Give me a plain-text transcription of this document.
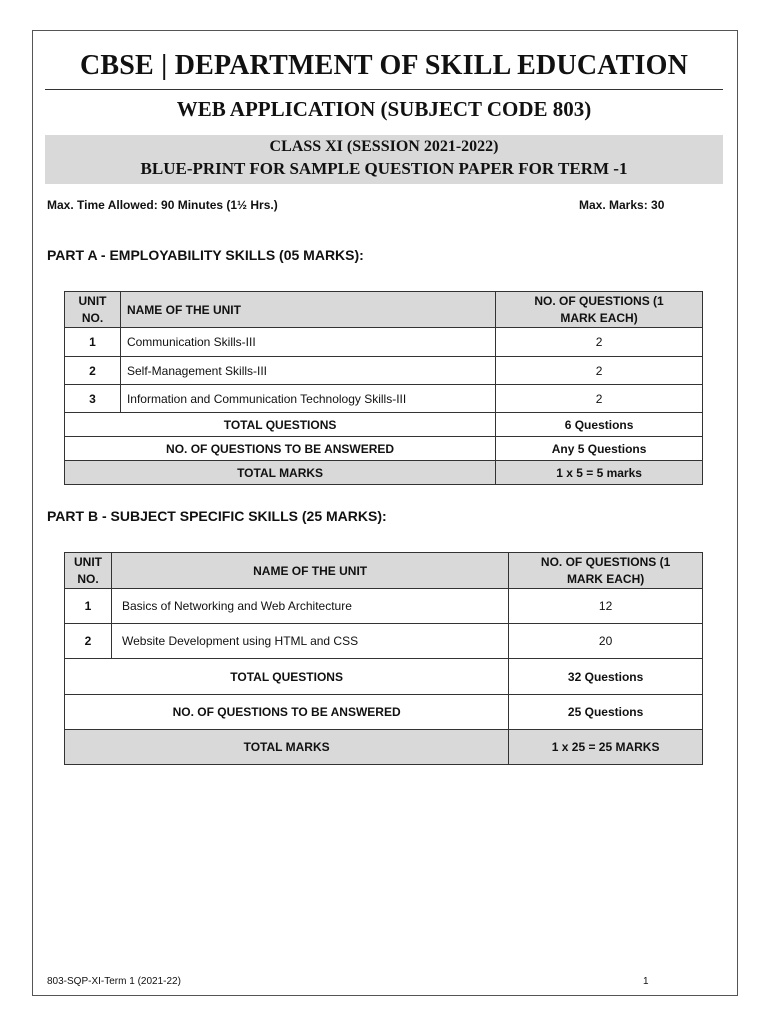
CBSE | DEPARTMENT OF SKILL EDUCATION
WEB APPLICATION (SUBJECT CODE 803)
CLASS XI (SESSION 2021-2022)
BLUE-PRINT FOR SAMPLE QUESTION PAPER FOR TERM -1
Max. Time Allowed: 90 Minutes (1½ Hrs.)	Max. Marks: 30
PART A - EMPLOYABILITY SKILLS (05 MARKS):
UNIT NO.	NAME OF THE UNIT	NO. OF QUESTIONS (1 MARK EACH)
1	Communication Skills-III	2
2	Self-Management Skills-III	2
3	Information and Communication Technology Skills-III	2
TOTAL QUESTIONS		6 Questions
NO. OF QUESTIONS TO BE ANSWERED		Any 5 Questions
TOTAL MARKS		1 x 5 = 5 marks
PART B - SUBJECT SPECIFIC SKILLS (25 MARKS):
UNIT NO.	NAME OF THE UNIT	NO. OF QUESTIONS (1 MARK EACH)
1	Basics of Networking and Web Architecture	12
2	Website Development using HTML and CSS	20
TOTAL QUESTIONS		32 Questions
NO. OF QUESTIONS TO BE ANSWERED		25 Questions
TOTAL MARKS		1 x 25 = 25 MARKS
803-SQP-XI-Term 1 (2021-22)	1
